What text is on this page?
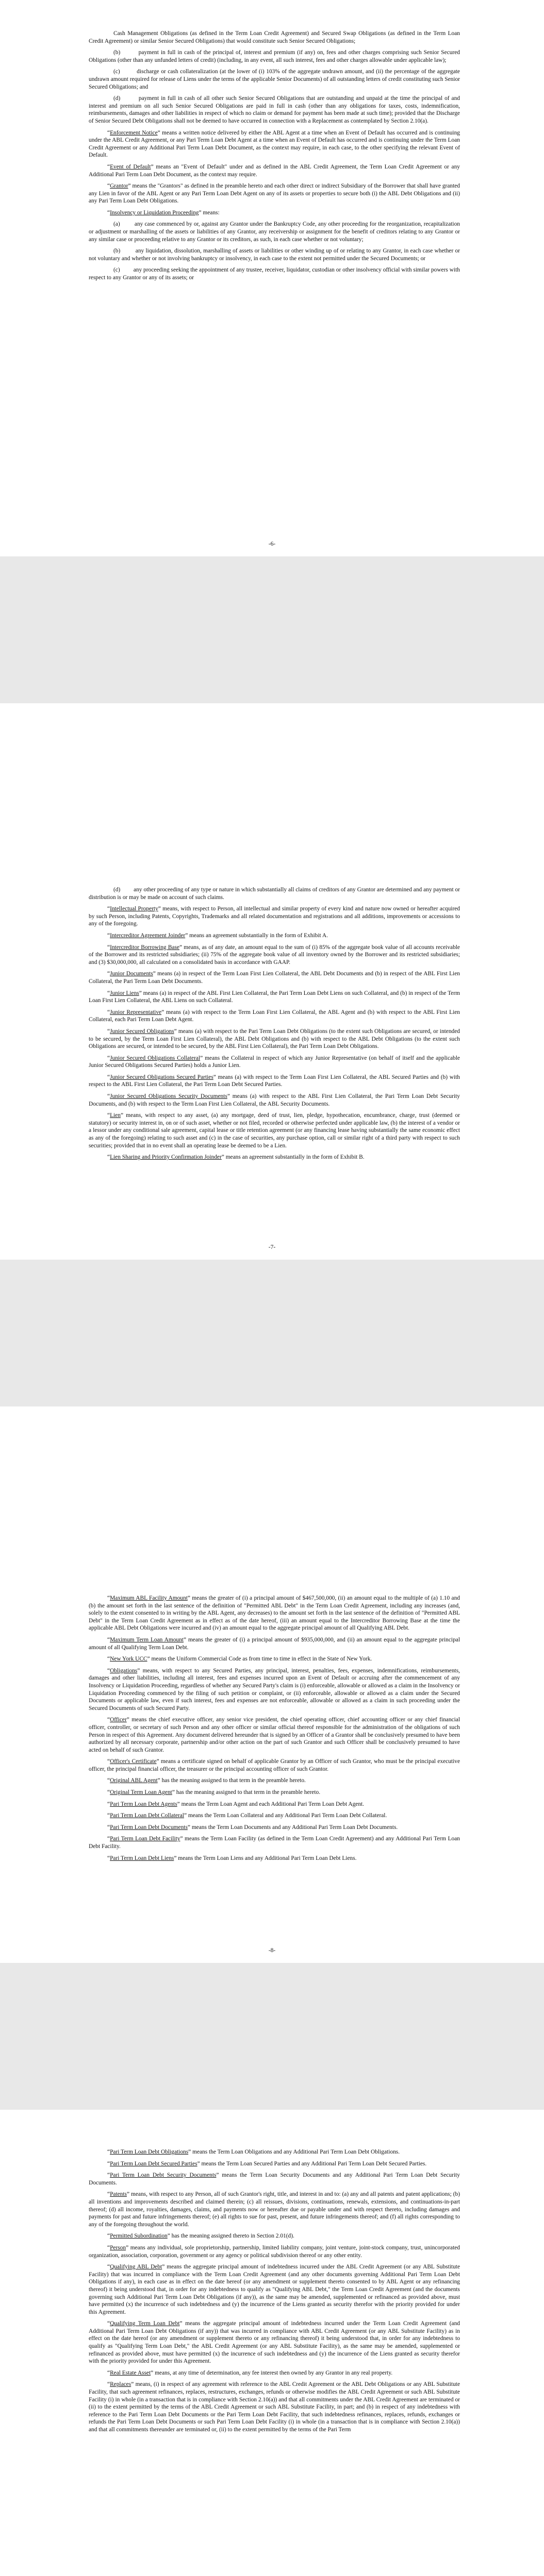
Cash Management Obligations (as defined in the Term Loan Credit Agreement) and Secured Swap Obligations (as defined in the Term Loan Credit Agreement) or similar Senior Secured Obligations) that would constitute such Senior Secured Obligations;

(b)	payment in full in cash of the principal of, interest and premium (if any) on, fees and other charges comprising such Senior Secured Obligations (other than any unfunded letters of credit) (including, in any event, all such interest, fees and other charges allowable under applicable law);

(c)	discharge or cash collateralization (at the lower of (i) 103% of the aggregate undrawn amount, and (ii) the percentage of the aggregate undrawn amount required for release of Liens under the terms of the applicable Senior Documents) of all outstanding letters of credit constituting such Senior Secured Obligations; and

(d)	payment in full in cash of all other such Senior Secured Obligations that are outstanding and unpaid at the time the principal of and interest and premium on all such Senior Secured Obligations are paid in full in cash (other than any obligations for taxes, costs, indemnification, reimbursements, damages and other liabilities in respect of which no claim or demand for payment has been made at such time); provided that the Discharge of Senior Secured Debt Obligations shall not be deemed to have occurred in connection with a Replacement as contemplated by Section 2.10(a).

“Enforcement Notice” means a written notice delivered by either the ABL Agent at a time when an Event of Default has occurred and is continuing under the ABL Credit Agreement, or any Pari Term Loan Debt Agent at a time when an Event of Default has occurred and is continuing under the Term Loan Credit Agreement or any Additional Pari Term Loan Debt Document, as the context may require, in each case, to the other specifying the relevant Event of Default.

“Event of Default” means an "Event of Default" under and as defined in the ABL Credit Agreement, the Term Loan Credit Agreement or any Additional Pari Term Loan Debt Document, as the context may require.

“Grantor” means the "Grantors" as defined in the preamble hereto and each other direct or indirect Subsidiary of the Borrower that shall have granted any Lien in favor of the ABL Agent or any Pari Term Loan Debt Agent on any of its assets or properties to secure both (i) the ABL Debt Obligations and (ii) any Pari Term Loan Debt Obligations.

“Insolvency or Liquidation Proceeding” means:

(a) any case commenced by or, against any Grantor under the Bankruptcy Code, any other proceeding for the reorganization, recapitalization or adjustment or marshalling of the assets or liabilities of any Grantor, any receivership or assignment for the benefit of creditors relating to any Grantor or any similar case or proceeding relative to any Grantor or its creditors, as such, in each case whether or not voluntary;

(b)	any liquidation, dissolution, marshalling of assets or liabilities or other winding up of or relating to any Grantor, in each case whether or not voluntary and whether or not involving bankruptcy or insolvency, in each case to the extent not permitted under the Secured Documents; or

(c) any proceeding seeking the appointment of any trustee, receiver, liquidator, custodian or other insolvency official with similar powers with respect to any Grantor or any of its assets; or

-6-

(d) any other proceeding of any type or nature in which substantially all claims of creditors of any Grantor are determined and any payment or distribution is or may be made on account of such claims.

“Intellectual Property” means, with respect to Person, all intellectual and similar property of every kind and nature now owned or hereafter acquired by such Person, including Patents, Copyrights, Trademarks and all related documentation and registrations and all additions, improvements or accessions to any of the foregoing.

“Intercreditor Agreement Joinder” means an agreement substantially in the form of Exhibit A.

“Intercreditor Borrowing Base” means, as of any date, an amount equal to the sum of (i) 85% of the aggregate book value of all accounts receivable of the Borrower and its restricted subsidiaries; (ii) 75% of the aggregate book value of all inventory owned by the Borrower and its restricted subsidiaries; and (3) $30,000,000, all calculated on a consolidated basis in accordance with GAAP.

“Junior Documents” means (a) in respect of the Term Loan First Lien Collateral, the ABL Debt Documents and (b) in respect of the ABL First Lien Collateral, the Pari Term Loan Debt Documents.

“Junior Liens” means (a) in respect of the ABL First Lien Collateral, the Pari Term Loan Debt Liens on such Collateral, and (b) in respect of the Term Loan First Lien Collateral, the ABL Liens on such Collateral.

“Junior Representative” means (a) with respect to the Term Loan First Lien Collateral, the ABL Agent and (b) with respect to the ABL First Lien Collateral, each Pari Term Loan Debt Agent.

“Junior Secured Obligations” means (a) with respect to the Pari Term Loan Debt Obligations (to the extent such Obligations are secured, or intended to be secured, by the Term Loan First Lien Collateral), the ABL Debt Obligations and (b) with respect to the ABL Debt Obligations (to the extent such Obligations are secured, or intended to be secured, by the ABL First Lien Collateral), the Pari Term Loan Debt Obligations.

“Junior Secured Obligations Collateral” means the Collateral in respect of which any Junior Representative (on behalf of itself and the applicable Junior Secured Obligations Secured Parties) holds a Junior Lien.

“Junior Secured Obligations Secured Parties” means (a) with respect to the Term Loan First Lien Collateral, the ABL Secured Parties and (b) with respect to the ABL First Lien Collateral, the Pari Term Loan Debt Secured Parties.

“Junior Secured Obligations Security Documents” means (a) with respect to the ABL First Lien Collateral, the Pari Term Loan Debt Security Documents, and (b) with respect to the Term Loan First Lien Collateral, the ABL Security Documents.

“Lien” means, with respect to any asset, (a) any mortgage, deed of trust, lien, pledge, hypothecation, encumbrance, charge, trust (deemed or statutory) or security interest in, on or of such asset, whether or not filed, recorded or otherwise perfected under applicable law, (b) the interest of a vendor or a lessor under any conditional sale agreement, capital lease or title retention agreement (or any financing lease having substantially the same economic effect as any of the foregoing) relating to such asset and (c) in the case of securities, any purchase option, call or similar right of a third party with respect to such securities; provided that in no event shall an operating lease be deemed to be a Lien.

“Lien Sharing and Priority Confirmation Joinder” means an agreement substantially in the form of Exhibit B.

-7-

“Maximum ABL Facility Amount” means the greater of (i) a principal amount of $467,500,000, (ii) an amount equal to the multiple of (a) 1.10 and (b) the amount set forth in the last sentence of the definition of "Permitted ABL Debt" in the Term Loan Credit Agreement, including any increases (and, solely to the extent consented to in writing by the ABL Agent, any decreases) to the amount set forth in the last sentence of the definition of "Permitted ABL Debt" in the Term Loan Credit Agreement as in effect as of the date hereof, (iii) an amount equal to the Intercreditor Borrowing Base at the time the applicable ABL Debt Obligations were incurred and (iv) an amount equal to the aggregate principal amount of all Qualifying ABL Debt.

“Maximum Term Loan Amount” means the greater of (i) a principal amount of $935,000,000, and (ii) an amount equal to the aggregate principal amount of all Qualifying Term Loan Debt.

“New York UCC” means the Uniform Commercial Code as from time to time in effect in the State of New York.

“Obligations” means, with respect to any Secured Parties, any principal, interest, penalties, fees, expenses, indemnifications, reimbursements, damages and other liabilities, including all interest, fees and expenses incurred upon an Event of Default or accruing after the commencement of any Insolvency or Liquidation Proceeding, regardless of whether any Secured Party's claim is (i) enforceable, allowable or allowed as a claim in the Insolvency or Liquidation Proceeding commenced by the filing of such petition or complaint, or (ii) enforceable, allowable or allowed as a claim under the Secured Documents or applicable law, even if such interest, fees and expenses are not enforceable, allowable or allowed as a claim in such proceeding under the Secured Documents of such Secured Party.

“Officer” means the chief executive officer, any senior vice president, the chief operating officer, chief accounting officer or any chief financial officer, controller, or secretary of such Person and any other officer or similar official thereof responsible for the administration of the obligations of such Person in respect of this Agreement. Any document delivered hereunder that is signed by an Officer of a Grantor shall be conclusively presumed to have been authorized by all necessary corporate, partnership and/or other action on the part of such Grantor and such Officer shall be conclusively presumed to have acted on behalf of such Grantor.

“Officer's Certificate” means a certificate signed on behalf of applicable Grantor by an Officer of such Grantor, who must be the principal executive officer, the principal financial officer, the treasurer or the principal accounting officer of such Grantor.

“Original ABL Agent” has the meaning assigned to that term in the preamble hereto.

“Original Term Loan Agent” has the meaning assigned to that term in the preamble hereto.

“Pari Term Loan Debt Agents” means the Term Loan Agent and each Additional Pari Term Loan Debt Agent.

“Pari Term Loan Debt Collateral” means the Term Loan Collateral and any Additional Pari Term Loan Debt Collateral.

“Pari Term Loan Debt Documents” means the Term Loan Documents and any Additional Pari Term Loan Debt Documents.

“Pari Term Loan Debt Facility” means the Term Loan Facility (as defined in the Term Loan Credit Agreement) and any Additional Pari Term Loan Debt Facility.

“Pari Term Loan Debt Liens” means the Term Loan Liens and any Additional Pari Term Loan Debt Liens.

-8-

“Pari Term Loan Debt Obligations” means the Term Loan Obligations and any Additional Pari Term Loan Debt Obligations.

“Pari Term Loan Debt Secured Parties” means the Term Loan Secured Parties and any Additional Pari Term Loan Debt Secured Parties.

“Pari Term Loan Debt Security Documents” means the Term Loan Security Documents and any Additional Pari Term Loan Debt Security Documents.

“Patents” means, with respect to any Person, all of such Grantor's right, title, and interest in and to: (a) any and all patents and patent applications; (b) all inventions and improvements described and claimed therein; (c) all reissues, divisions, continuations, renewals, extensions, and continuations-in-part thereof; (d) all income, royalties, damages, claims, and payments now or hereafter due or payable under and with respect thereto, including damages and payments for past and future infringements thereof; (e) all rights to sue for past, present, and future infringements thereof; and (f) all rights corresponding to any of the foregoing throughout the world.

“Permitted Subordination” has the meaning assigned thereto in Section 2.01(d).

“Person” means any individual, sole proprietorship, partnership, limited liability company, joint venture, joint-stock company, trust, unincorporated organization, association, corporation, government or any agency or political subdivision thereof or any other entity.

“Qualifying ABL Debt” means the aggregate principal amount of indebtedness incurred under the ABL Credit Agreement (or any ABL Substitute Facility) that was incurred in compliance with the Term Loan Credit Agreement (and any other documents governing Additional Pari Term Loan Debt Obligations if any), in each case as in effect on the date hereof (or any amendment or supplement thereto consented to by ABL Agent or any refinancing thereof) it being understood that, in order for any indebtedness to qualify as "Qualifying ABL Debt," the Term Loan Credit Agreement (and the documents governing such Additional Pari Term Loan Debt Obligations (if any)), as the same may be amended, supplemented or refinanced as provided above, must have permitted (x) the incurrence of such indebtedness and (y) the incurrence of the Liens granted as security therefor with the priority provided for under this Agreement.

“Qualifying Term Loan Debt” means the aggregate principal amount of indebtedness incurred under the Term Loan Credit Agreement (and Additional Pari Term Loan Debt Obligations (if any)) that was incurred in compliance with ABL Credit Agreement (or any ABL Substitute Facility) as in effect on the date hereof (or any amendment or supplement thereto or any refinancing thereof) it being understood that, in order for any indebtedness to qualify as "Qualifying Term Loan Debt," the ABL Credit Agreement (or any ABL Substitute Facility), as the same may be amended, supplemented or refinanced as provided above, must have permitted (x) the incurrence of such indebtedness and (y) the incurrence of the Liens granted as security therefor with the priority provided for under this Agreement.

“Real Estate Asset” means, at any time of determination, any fee interest then owned by any Grantor in any real property.

“Replaces” means, (i) in respect of any agreement with reference to the ABL Credit Agreement or the ABL Debt Obligations or any ABL Substitute Facility, that such agreement refinances, replaces, restructures, exchanges, refunds or otherwise modifies the ABL Credit Agreement or such ABL Substitute Facility (i) in whole (in a transaction that is in compliance with Section 2.10(a)) and that all commitments under the ABL Credit Agreement are terminated or (ii) to the extent permitted by the terms of the ABL Credit Agreement or such ABL Substitute Facility, in part; and (b) in respect of any indebtedness with reference to the Pari Term Loan Debt Documents or the Pari Term Loan Debt Facility, that such indebtedness refinances, replaces, refunds, exchanges or refunds the Pari Term Loan Debt Documents or such Pari Term Loan Debt Facility (i) in whole (in a transaction that is in compliance with Section 2.10(a)) and that all commitments thereunder are terminated or, (ii) to the extent permitted by the terms of the Pari Term
